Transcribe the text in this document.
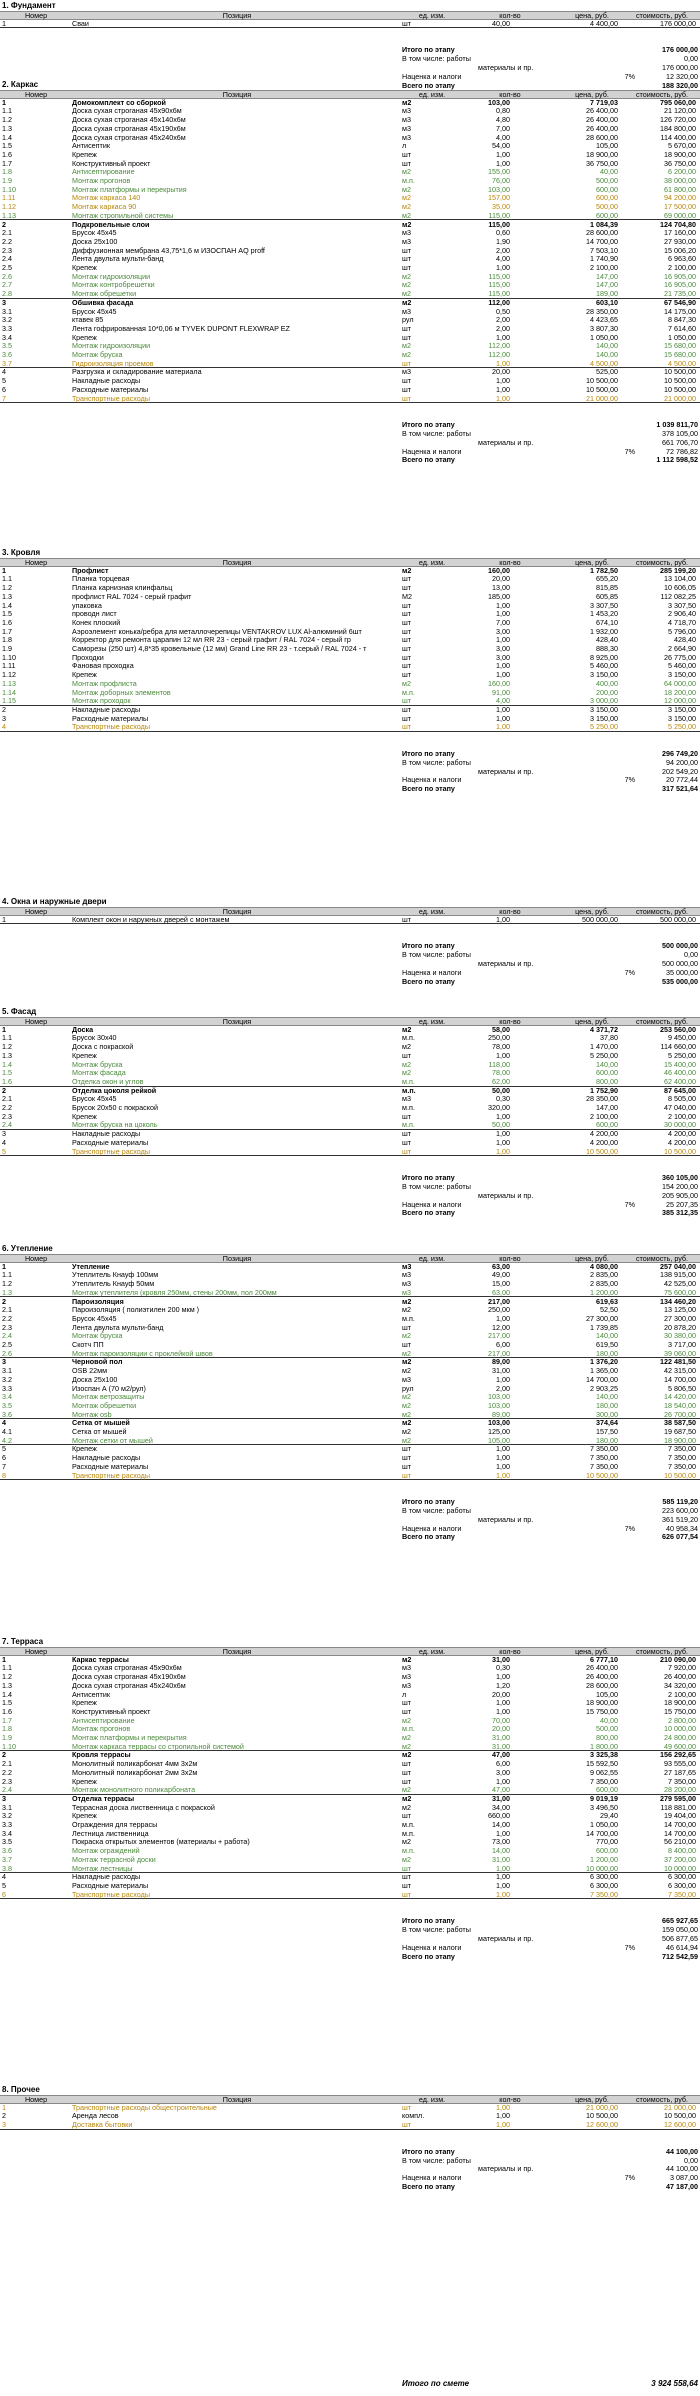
1. Фундамент
Номер	Позиция	ед. изм.	кол-во	цена, руб.	стоимость, руб.
1	Сваи	шт	40,00	4 400,00	176 000,00
Итого по этапу	176 000,00
В том числе: работы	0,00
материалы и пр.	176 000,00
Наценка и налоги	7%	12 320,00
Всего по этапу	188 320,00
2. Каркас
Номер	Позиция	ед. изм.	кол-во	цена, руб.	стоимость, руб.
1	Домокомплект со сборкой	м2	103,00	7 719,03	795 060,00
1.1	Доска сухая строганая 45х90х6м	м3	0,80	26 400,00	21 120,00
1.2	Доска сухая строганая 45х140х6м	м3	4,80	26 400,00	126 720,00
1.3	Доска сухая строганая 45х190х6м	м3	7,00	26 400,00	184 800,00
1.4	Доска сухая строганая 45х240х6м	м3	4,00	28 600,00	114 400,00
1.5	Антисептик	л	54,00	105,00	5 670,00
1.6	Крепеж	шт	1,00	18 900,00	18 900,00
1.7	Конструктивный проект	шт	1,00	36 750,00	36 750,00
1.8	Антисептирование	м2	155,00	40,00	6 200,00
1.9	Монтаж прогонов	м.п.	76,00	500,00	38 000,00
1.10	Монтаж платформы и перекрытия	м2	103,00	600,00	61 800,00
1.11	Монтаж каркаса 140	м2	157,00	600,00	94 200,00
1.12	Монтаж каркаса 90	м2	35,00	500,00	17 500,00
1.13	Монтаж стропильной системы	м2	115,00	600,00	69 000,00
2	Подкровельные слои	м2	115,00	1 084,39	124 704,80
2.1	Брусок 45х45	м3	0,60	28 600,00	17 160,00
2.2	Доска 25х100	м3	1,90	14 700,00	27 930,00
2.3	Диффузионная мембрана 43,75*1,6 м ИЗОСПАН AQ proff	шт	2,00	7 503,10	15 006,20
2.4	Лента двульта мульти-банд	шт	4,00	1 740,90	6 963,60
2.5	Крепеж	шт	1,00	2 100,00	2 100,00
2.6	Монтаж гидроизоляции	м2	115,00	147,00	16 905,00
2.7	Монтаж контробрешетки	м2	115,00	147,00	16 905,00
2.8	Монтаж обрешетки	м2	115,00	189,00	21 735,00
3	Обшивка фасада	м2	112,00	603,10	67 546,90
3.1	Брусок 45х45	м3	0,50	28 350,00	14 175,00
3.2	ктавек 85	рул	2,00	4 423,65	8 847,30
3.3	Лента гофрированная 10*0,06 м TYVEK DUPONT FLEXWRAP EZ	шт	2,00	3 807,30	7 614,60
3.4	Крепеж	шт	1,00	1 050,00	1 050,00
3.5	Монтаж гидроизоляции	м2	112,00	140,00	15 680,00
3.6	Монтаж бруска	м2	112,00	140,00	15 680,00
3.7	Гидроизоляция проемов	шт	1,00	4 500,00	4 500,00
4	Разгрузка и складирование материала	м3	20,00	525,00	10 500,00
5	Накладные расходы	шт	1,00	10 500,00	10 500,00
6	Расходные материалы	шт	1,00	10 500,00	10 500,00
7	Транспортные расходы	шт	1,00	21 000,00	21 000,00
Итого по этапу	1 039 811,70
В том числе: работы	378 105,00
материалы и пр.	661 706,70
Наценка и налоги	7%	72 786,82
Всего по этапу	1 112 598,52
3. Кровля
Номер	Позиция	ед. изм.	кол-во	цена, руб.	стоимость, руб.
1	Профлист	м2	160,00	1 782,50	285 199,20
1.1	Планка торцевая	шт	20,00	655,20	13 104,00
1.2	Планка карнизная клинфальц	шт	13,00	815,85	10 606,05
1.3	профлист RAL 7024 - серый графит	М2	185,00	605,85	112 082,25
1.4	упаковка	шт	1,00	3 307,50	3 307,50
1.5	проводн лист	шт	1,00	1 453,20	2 906,40
1.6	Конек плоский	шт	7,00	674,10	4 718,70
1.7	Аэроэлемент конька/ребра для металлочерепицы VENTAKROV LUX Al-алюминий 6шт	шт	3,00	1 932,00	5 796,00
1.8	Корректор для ремонта царапин 12 мл RR 23 - серый графит / RAL 7024 - серый гр	шт	1,00	428,40	428,40
1.9	Саморезы (250 шт) 4,8*35 кровельные (12 мм) Grand Line RR 23 - т.серый / RAL 7024 - т	шт	3,00	888,30	2 664,90
1.10	Проходки	шт	3,00	8 925,00	26 775,00
1.11	Фановая проходка	шт	1,00	5 460,00	5 460,00
1.12	Крепеж	шт	1,00	3 150,00	3 150,00
1.13	Монтаж профлиста	м2	160,00	400,00	64 000,00
1.14	Монтаж доборных элементов	м.п.	91,00	200,00	18 200,00
1.15	Монтаж проходок	шт	4,00	3 000,00	12 000,00
2	Накладные расходы	шт	1,00	3 150,00	3 150,00
3	Расходные материалы	шт	1,00	3 150,00	3 150,00
4	Транспортные расходы	шт	1,00	5 250,00	5 250,00
Итого по этапу	296 749,20
В том числе: работы	94 200,00
материалы и пр.	202 549,20
Наценка и налоги	7%	20 772,44
Всего по этапу	317 521,64
4. Окна и наружные двери
Номер	Позиция	ед. изм.	кол-во	цена, руб.	стоимость, руб.
1	Комплект окон и наружных дверей с монтажем	шт	1,00	500 000,00	500 000,00
Итого по этапу	500 000,00
В том числе: работы	0,00
материалы и пр.	500 000,00
Наценка и налоги	7%	35 000,00
Всего по этапу	535 000,00
5. Фасад
Номер	Позиция	ед. изм.	кол-во	цена, руб.	стоимость, руб.
1	Доска	м2	58,00	4 371,72	253 560,00
1.1	Брусок 30х40	м.п.	250,00	37,80	9 450,00
1.2	Доска с покраской	м2	78,00	1 470,00	114 660,00
1.3	Крепеж	шт	1,00	5 250,00	5 250,00
1.4	Монтаж бруска	м2	118,00	140,00	15 400,00
1.5	Монтаж фасада	м2	78,00	600,00	46 400,00
1.6	Отделка окон и углов	м.п.	62,00	800,00	62 400,00
2	Отделка цоколя рейкой	м.п.	50,00	1 752,90	87 645,00
2.1	Брусок 45х45	м3	0,30	28 350,00	8 505,00
2.2	Брусок 20х50 с покраской	м.п.	320,00	147,00	47 040,00
2.3	Крепеж	шт	1,00	2 100,00	2 100,00
2.4	Монтаж бруска на цоколь	м.п.	50,00	600,00	30 000,00
3	Накладные расходы	шт	1,00	4 200,00	4 200,00
4	Расходные материалы	шт	1,00	4 200,00	4 200,00
5	Транспортные расходы	шт	1,00	10 500,00	10 500,00
Итого по этапу	360 105,00
В том числе: работы	154 200,00
материалы и пр.	205 905,00
Наценка и налоги	7%	25 207,35
Всего по этапу	385 312,35
6. Утепление
Номер	Позиция	ед. изм.	кол-во	цена, руб.	стоимость, руб.
1	Утепление	м3	63,00	4 080,00	257 040,00
1.1	Утеплитель Кнауф 100мм	м3	49,00	2 835,00	138 915,00
1.2	Утеплитель Кнауф 50мм	м3	15,00	2 835,00	42 525,00
1.3	Монтаж утеплителя (кровля 250мм, стены 200мм, пол 200мм	м3	63,00	1 200,00	75 600,00
2	Пароизоляция	м2	217,00	619,63	134 460,20
2.1	Пароизоляция ( полиэтилен 200 мкм )	м2	250,00	52,50	13 125,00
2.2	Брусок 45х45	м.п.	1,00	27 300,00	27 300,00
2.3	Лента двульта мульти-банд	шт	12,00	1 739,85	20 878,20
2.4	Монтаж бруска	м2	217,00	140,00	30 380,00
2.5	Скотч ПП	шт	6,00	619,50	3 717,00
2.6	Монтаж пароизоляции с проклейкой швов	м2	217,00	180,00	39 060,00
3	Черновой пол	м2	89,00	1 376,20	122 481,50
3.1	OSB 22мм	м2	31,00	1 365,00	42 315,00
3.2	Доска 25х100	м3	1,00	14 700,00	14 700,00
3.3	Изоспан А (70 м2/рул)	рул	2,00	2 903,25	5 806,50
3.4	Монтаж ветрозащиты	м2	103,00	140,00	14 420,00
3.5	Монтаж обрешетки	м2	103,00	180,00	18 540,00
3.6	Монтаж osb	м2	89,00	300,00	26 700,00
4	Сетка от мышей	м2	103,00	374,64	38 587,50
4.1	Сетка от мышей	м2	125,00	157,50	19 687,50
4.2	Монтаж сетки от мышей	м2	105,00	180,00	18 900,00
5	Крепеж	шт	1,00	7 350,00	7 350,00
6	Накладные расходы	шт	1,00	7 350,00	7 350,00
7	Расходные материалы	шт	1,00	7 350,00	7 350,00
8	Транспортные расходы	шт	1,00	10 500,00	10 500,00
Итого по этапу	585 119,20
В том числе: работы	223 600,00
материалы и пр.	361 519,20
Наценка и налоги	7%	40 958,34
Всего по этапу	626 077,54
7. Терраса
Номер	Позиция	ед. изм.	кол-во	цена, руб.	стоимость, руб.
1	Каркас террасы	м2	31,00	6 777,10	210 090,00
1.1	Доска сухая строганая 45х90х6м	м3	0,30	26 400,00	7 920,00
1.2	Доска сухая строганая 45х190х6м	м3	1,00	26 400,00	26 400,00
1.3	Доска сухая строганая 45х240х6м	м3	1,20	28 600,00	34 320,00
1.4	Антисептик	л	20,00	105,00	2 100,00
1.5	Крепеж	шт	1,00	18 900,00	18 900,00
1.6	Конструктивный проект	шт	1,00	15 750,00	15 750,00
1.7	Антисептирование	м2	70,00	40,00	2 800,00
1.8	Монтаж прогонов	м.п.	20,00	500,00	10 000,00
1.9	Монтаж платформы и перекрытия	м2	31,00	800,00	24 800,00
1.10	Монтаж каркаса террасы со стропильной системой	м2	31,00	1 800,00	49 600,00
2	Кровля террасы	м2	47,00	3 325,38	156 292,65
2.1	Монолитный поликарбонат 4мм 3х2м	шт	6,00	15 592,50	93 555,00
2.2	Монолитный поликарбонат 2мм 3х2м	шт	3,00	9 062,55	27 187,65
2.3	Крепеж	шт	1,00	7 350,00	7 350,00
2.4	Монтаж монолитного поликарбоната	м2	47,00	600,00	28 200,00
3	Отделка террасы	м2	31,00	9 019,19	279 595,00
3.1	Террасная доска лиственница с покраской	м2	34,00	3 496,50	118 881,00
3.2	Крепеж	шт	660,00	29,40	19 404,00
3.3	Ограждения для террасы	м.п.	14,00	1 050,00	14 700,00
3.4	Лестница лиственница	м.п.	1,00	14 700,00	14 700,00
3.5	Покраска открытых элементов (материалы + работа)	м2	73,00	770,00	56 210,00
3.6	Монтаж ограждений	м.п.	14,00	600,00	8 400,00
3.7	Монтаж террасной доски	м2	31,00	1 200,00	37 200,00
3.8	Монтаж лестницы	шт	1,00	10 000,00	10 000,00
4	Накладные расходы	шт	1,00	6 300,00	6 300,00
5	Расходные материалы	шт	1,00	6 300,00	6 300,00
6	Транспортные расходы	шт	1,00	7 350,00	7 350,00
Итого по этапу	665 927,65
В том числе: работы	159 050,00
материалы и пр.	506 877,65
Наценка и налоги	7%	46 614,94
Всего по этапу	712 542,59
8. Прочее
Номер	Позиция	ед. изм.	кол-во	цена, руб.	стоимость, руб.
1	Транспортные расходы общестроительные	шт	1,00	21 000,00	21 000,00
2	Аренда лесов	компл.	1,00	10 500,00	10 500,00
3	Доставка бытовки	шт	1,00	12 600,00	12 600,00
Итого по этапу	44 100,00
В том числе: работы	0,00
материалы и пр.	44 100,00
Наценка и налоги	7%	3 087,00
Всего по этапу	47 187,00
Итого по смете	3 924 558,64
